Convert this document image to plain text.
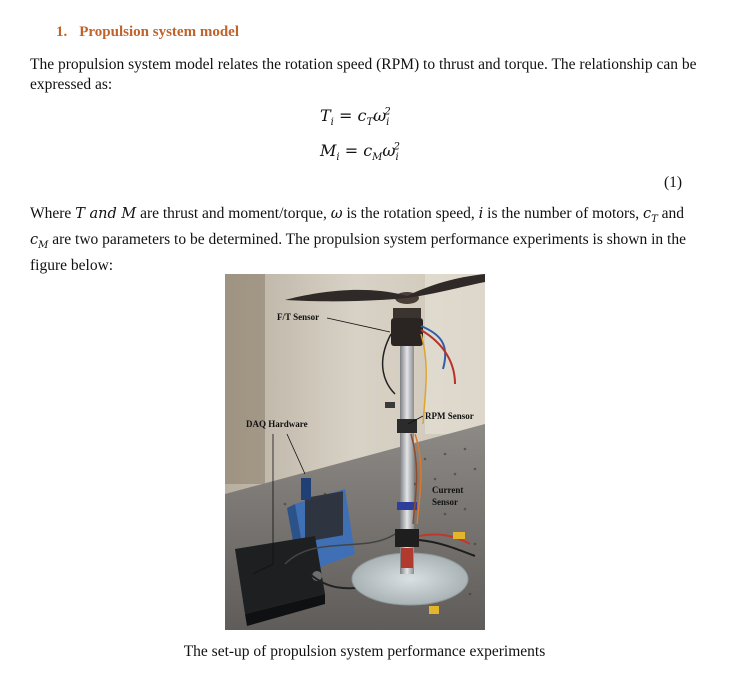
1. Propulsion system model
The propulsion system model relates the rotation speed (RPM) to thrust and torque. The relationship can be expressed as:
$T_i = c_T\omega_i^2$
$M_i = c_M\omega_i^2$
(1)
Where T and M are thrust and moment/torque, ω is the rotation speed, i is the number of motors, $c_T$ and $c_M$ are two parameters to be determined. The propulsion system performance experiments is shown in the figure below:
F/T Sensor
DAQ Hardware
RPM Sensor
Current
Sensor
The set-up of propulsion system performance experiments
